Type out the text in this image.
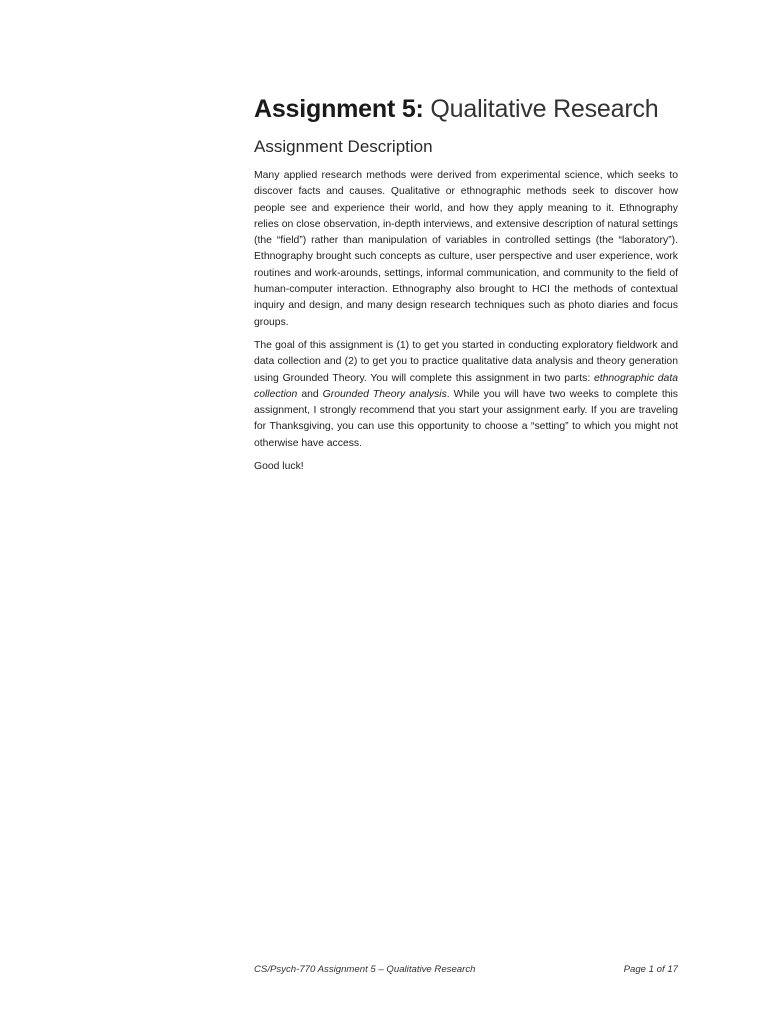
Assignment 5: Qualitative Research
Assignment Description

Many applied research methods were derived from experimental science, which seeks to discover facts and causes. Qualitative or ethnographic methods seek to discover how people see and experience their world, and how they apply meaning to it. Ethnography relies on close observation, in-depth interviews, and extensive description of natural settings (the “field”) rather than manipulation of variables in controlled settings (the “laboratory”). Ethnography brought such concepts as culture, user perspective and user experience, work routines and work-arounds, settings, informal communication, and community to the field of human-computer interaction. Ethnography also brought to HCI the methods of contextual inquiry and design, and many design research techniques such as photo diaries and focus groups.

The goal of this assignment is (1) to get you started in conducting exploratory fieldwork and data collection and (2) to get you to practice qualitative data analysis and theory generation using Grounded Theory. You will complete this assignment in two parts: ethnographic data collection and Grounded Theory analysis. While you will have two weeks to complete this assignment, I strongly recommend that you start your assignment early. If you are traveling for Thanksgiving, you can use this opportunity to choose a “setting” to which you might not otherwise have access.

Good luck!

CS/Psych-770 Assignment 5 – Qualitative Research	Page 1 of 17
